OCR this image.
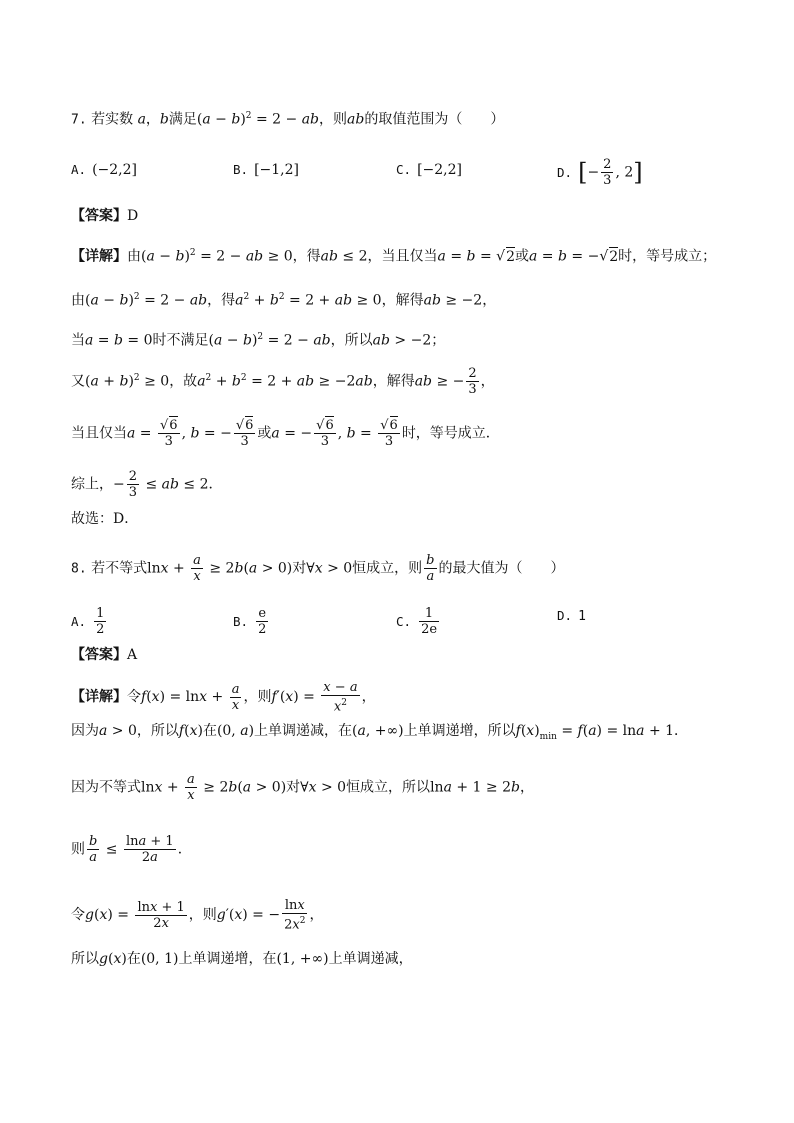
7. 若实数 a，b满足$(a - b)^2 = 2$ − ab，则ab的取值范围为（　　）
A. (−2,2]	B. [−1,2]	C. [−2,2]	D. [− $\frac{2}{3}$ , 2]
【答案】D
【详解】由$(a - b)^2 = 2$ − ab ≥ 0，得ab ≤ 2，当且仅当a = b = √2或a = b = −√2时，等号成立；
由$(a - b)^2 = 2$ − ab，得$a^2 + b^2 = 2$ + ab ≥ 0，解得ab ≥ −2，
当a = b = 0时不满足$(a - b)^2 = 2$ − ab，所以ab > −2；
又$(a + b)^2 \ge 0$，故$a^2 + b^2 = 2$ + ab ≥ −2ab，解得ab ≥ − $\frac{2}{3}$ ，
当且仅当$a = \frac{√6}{3}$ , b = − $\frac{√6}{3}$ 或a = − $\frac{√6}{3}$ , $b = \frac{√6}{3}$ 时，等号成立．
综上，− $\frac{2}{3}$ ≤ ab ≤ 2．
故选：D．
8. 若不等式$\ln x + \frac{a}{x} \ge 2b(a > 0)$对∀x > 0恒成立，则 $\frac{b}{a}$ 的最大值为（　　）
A. $\frac{1}{2}$	B. $\frac{e}{2}$	C. $\frac{1}{2e}$	D. 1
【答案】A
【详解】令$f(x) = \ln x + \frac{a}{x}$ ，则$f'(x) = \frac{x - a}{x^2}$ ，
因为a > 0，所以f(x)在(0, a)上单调递减，在(a, +∞)上单调递增，所以$f(x)_{min} = f(a) = \ln a + 1$．
因为不等式$\ln x + \frac{a}{x} \ge 2b(a > 0)$对∀x > 0恒成立，所以lna + 1 ≥ 2b，
则 $\frac{b}{a} \le \frac{\ln a + 1}{2a}$ ．
令$g(x) = \frac{\ln x + 1}{2x}$ ，则g′(x) = − $\frac{\ln x}{2x^2}$ ，
所以g(x)在(0, 1)上单调递增，在(1, +∞)上单调递减，
